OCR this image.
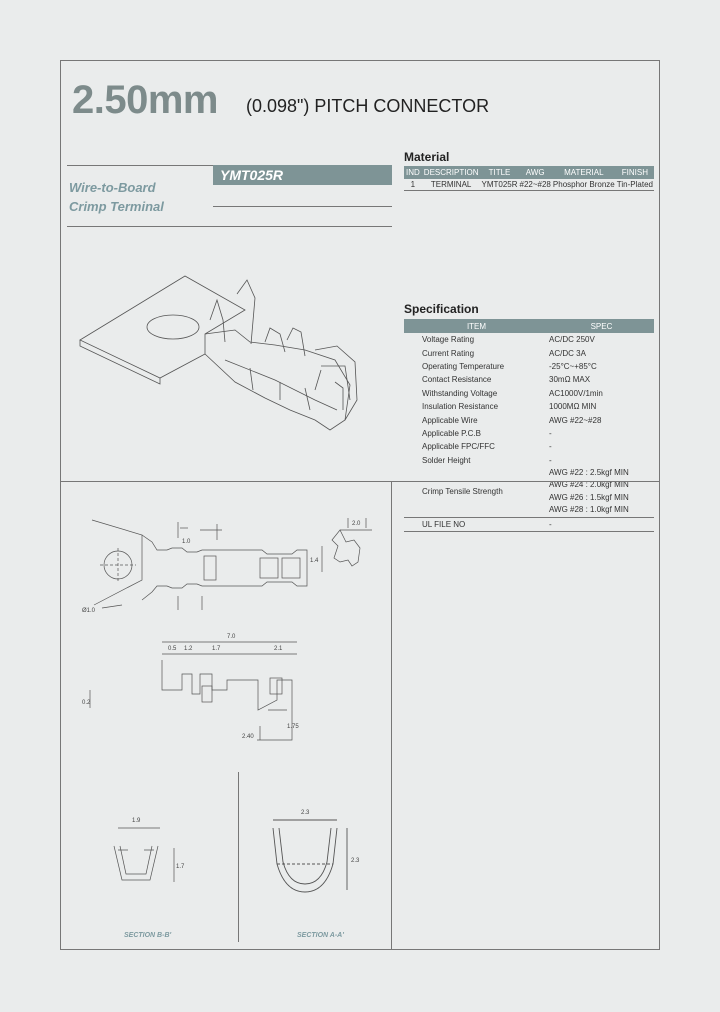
2.50mm (0.098") PITCH CONNECTOR
Wire-to-Board
Crimp Terminal
YMT025R
Material
IND	DESCRIPTION	TITLE	AWG	MATERIAL	FINISH
1	TERMINAL	YMT025R	#22~#28	Phosphor Bronze	Tin-Plated
Specification
ITEM	SPEC
Voltage Rating	AC/DC 250V
Current Rating	AC/DC 3A
Operating Temperature	-25°C~+85°C
Contact Resistance	30mΩ MAX
Withstanding Voltage	AC1000V/1min
Insulation Resistance	1000MΩ MIN
Applicable Wire	AWG #22~#28
Applicable P.C.B	-
Applicable FPC/FFC	-
Solder Height	-
Crimp Tensile Strength	AWG #22 : 2.5kgf MIN
AWG #24 : 2.0kgf MIN
AWG #26 : 1.5kgf MIN
AWG #28 : 1.0kgf MIN

UL FILE NO	-
1.0
Ø1.0
2.0
1.4
7.0
0.5 1.2	1.7	2.1
2.40
1.75
0.2
1.9
1.7
SECTION B-B'
2.3
2.3
SECTION A-A'
